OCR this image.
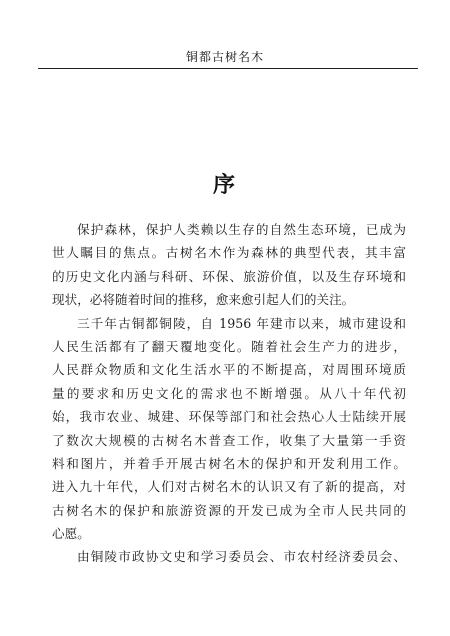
铜都古树名木
序
保护森林，保护人类赖以生存的自然生态环境，已成为
世人瞩目的焦点。古树名木作为森林的典型代表，其丰富
的历史文化内涵与科研、环保、旅游价值，以及生存环境和
现状，必将随着时间的推移，愈来愈引起人们的关注。
三千年古铜都铜陵，自 1956 年建市以来，城市建设和
人民生活都有了翻天覆地变化。随着社会生产力的进步，
人民群众物质和文化生活水平的不断提高，对周围环境质
量的要求和历史文化的需求也不断增强。从八十年代初
始，我市农业、城建、环保等部门和社会热心人士陆续开展
了数次大规模的古树名木普查工作，收集了大量第一手资
料和图片，并着手开展古树名木的保护和开发利用工作。
进入九十年代，人们对古树名木的认识又有了新的提高，对
古树名木的保护和旅游资源的开发已成为全市人民共同的
心愿。
由铜陵市政协文史和学习委员会、市农村经济委员会、
